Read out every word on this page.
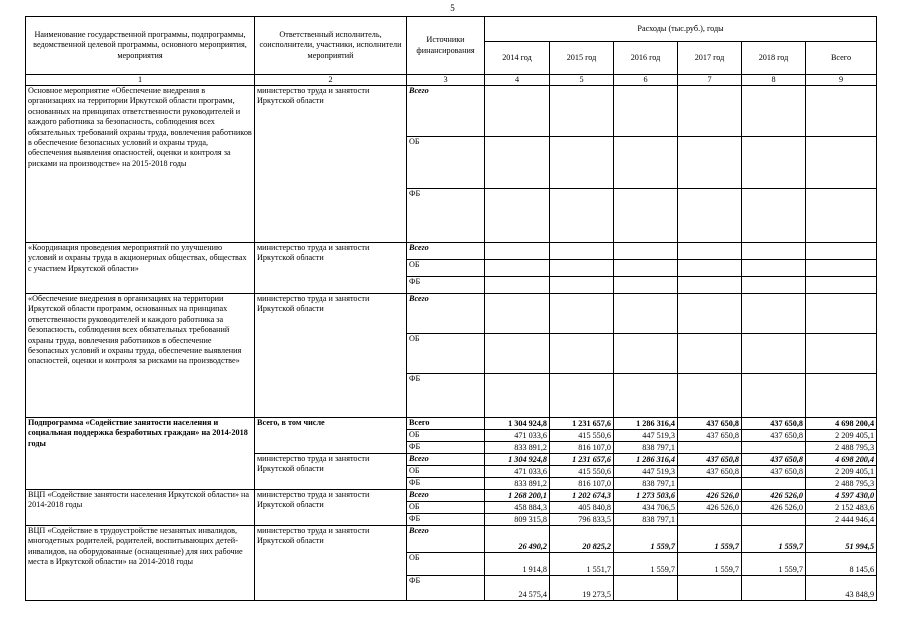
5
Наименование государственной программы, подпрограммы, ведомственной целевой программы, основного мероприятия, мероприятия	Ответственный исполнитель, соисполнители, участники, исполнители мероприятий	Источники финансирования	Расходы (тыс.руб.), годы					
			2014 год	2015 год	2016 год	2017 год	2018 год	Всего
1	2	3	4	5	6	7	8	9
Основное мероприятие «Обеспечение внедрения в организациях на территории Иркутской области программ, основанных на принципах ответственности руководителей и каждого работника за безопасность, соблюдения всех обязательных требований охраны труда, вовлечения работников в обеспечение безопасных условий и охраны труда, обеспечения выявления опасностей, оценки и контроля за рисками на производстве» на 2015-2018 годы	министерство труда и занятости Иркутской области	Всего						
		ОБ						
		ФБ						
«Координация проведения мероприятий по улучшению условий и охраны труда в акционерных обществах, обществах с участием Иркутской области»	министерство труда и занятости Иркутской области	Всего						
		ОБ						
		ФБ						
«Обеспечение внедрения в организациях на территории Иркутской области программ, основанных на принципах ответственности руководителей и каждого работника за безопасность, соблюдения всех обязательных требований охраны труда, вовлечения работников в обеспечение безопасных условий и охраны труда, обеспечение выявления опасностей, оценки и контроля за рисками на производстве»	министерство труда и занятости Иркутской области	Всего						
		ОБ						
		ФБ						
Подпрограмма «Содействие занятости населения и социальная поддержка безработных граждан» на 2014-2018 годы	Всего, в том числе	Всего	1 304 924,8	1 231 657,6	1 286 316,4	437 650,8	437 650,8	4 698 200,4
		ОБ	471 033,6	415 550,6	447 519,3	437 650,8	437 650,8	2 209 405,1
		ФБ	833 891,2	816 107,0	838 797,1			2 488 795,3
	министерство труда и занятости Иркутской области	Всего	1 304 924,8	1 231 657,6	1 286 316,4	437 650,8	437 650,8	4 698 200,4
		ОБ	471 033,6	415 550,6	447 519,3	437 650,8	437 650,8	2 209 405,1
		ФБ	833 891,2	816 107,0	838 797,1			2 488 795,3
ВЦП «Содействие занятости населения Иркутской области» на 2014-2018 годы	министерство труда и занятости Иркутской области	Всего	1 268 200,1	1 202 674,3	1 273 503,6	426 526,0	426 526,0	4 597 430,0
		ОБ	458 884,3	405 840,8	434 706,5	426 526,0	426 526,0	2 152 483,6
		ФБ	809 315,8	796 833,5	838 797,1			2 444 946,4
ВЦП «Содействие в трудоустройстве незанятых инвалидов, многодетных родителей, родителей, воспитывающих детей-инвалидов, на оборудованные (оснащенные) для них рабочие места в Иркутской области» на 2014-2018 годы	министерство труда и занятости Иркутской области	Всего	26 490,2	20 825,2	1 559,7	1 559,7	1 559,7	51 994,5
		ОБ	1 914,8	1 551,7	1 559,7	1 559,7	1 559,7	8 145,6
		ФБ	24 575,4	19 273,5				43 848,9
